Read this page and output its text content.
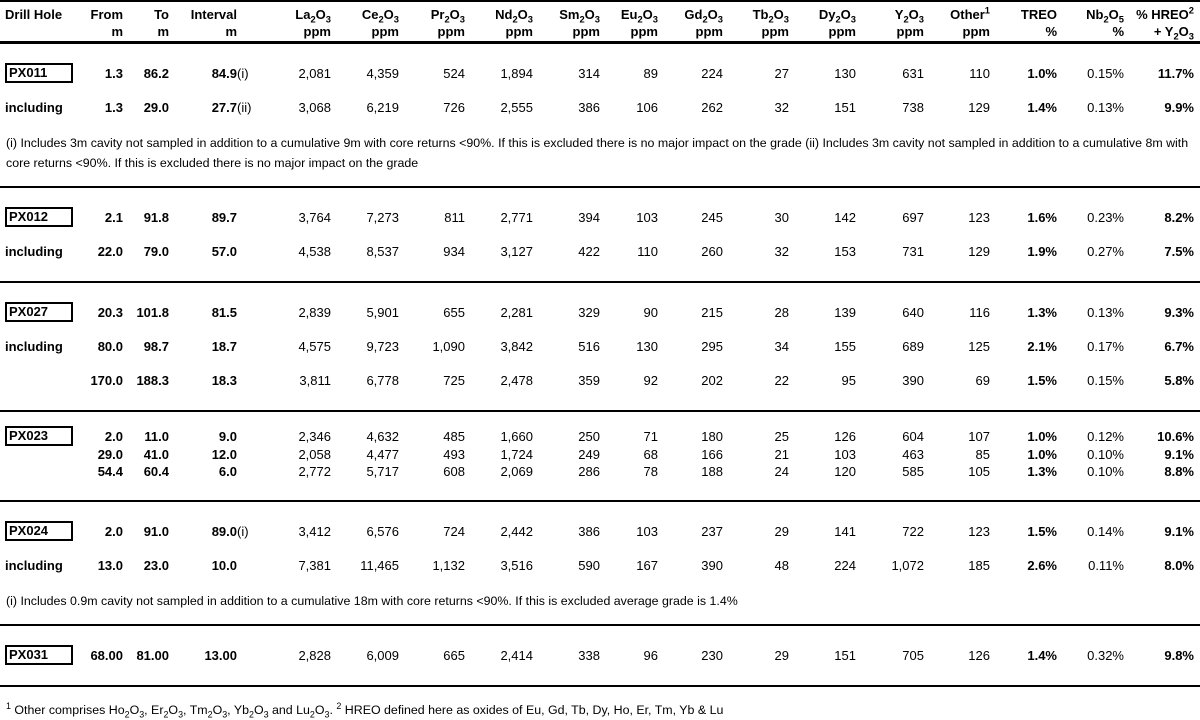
Drill Hole	From	To	Interval		$La_2O_3$	$Ce_2O_3$	$Pr_2O_3$	$Nd_2O_3$	$Sm_2O_3$	$Eu_2O_3$	$Gd_2O_3$	$Tb_2O_3$	$Dy_2O_3$	$Y_2O_3$	Other$^1$	TREO	$Nb_2O_5$	% HREO$^2$
	m	m	m		ppm	ppm	ppm	ppm	ppm	ppm	ppm	ppm	ppm	ppm	ppm	%	%	+ $Y_2O_3$
PX011	1.3	86.2	84.9	(i)	2,081	4,359	524	1,894	314	89	224	27	130	631	110	1.0%	0.15%	11.7%
including	1.3	29.0	27.7	(ii)	3,068	6,219	726	2,555	386	106	262	32	151	738	129	1.4%	0.13%	9.9%

(i) Includes 3m cavity not sampled in addition to a cumulative 9m with core returns <90%. If this is excluded there is no major impact on the grade (ii) Includes 3m cavity not sampled in addition to a cumulative 8m with core returns <90%. If this is excluded there is no major impact on the grade

PX012	2.1	91.8	89.7		3,764	7,273	811	2,771	394	103	245	30	142	697	123	1.6%	0.23%	8.2%
including	22.0	79.0	57.0		4,538	8,537	934	3,127	422	110	260	32	153	731	129	1.9%	0.27%	7.5%
PX027	20.3	101.8	81.5		2,839	5,901	655	2,281	329	90	215	28	139	640	116	1.3%	0.13%	9.3%
including	80.0	98.7	18.7		4,575	9,723	1,090	3,842	516	130	295	34	155	689	125	2.1%	0.17%	6.7%
	170.0	188.3	18.3		3,811	6,778	725	2,478	359	92	202	22	95	390	69	1.5%	0.15%	5.8%
PX023	2.0	11.0	9.0		2,346	4,632	485	1,660	250	71	180	25	126	604	107	1.0%	0.12%	10.6%
	29.0	41.0	12.0		2,058	4,477	493	1,724	249	68	166	21	103	463	85	1.0%	0.10%	9.1%
	54.4	60.4	6.0		2,772	5,717	608	2,069	286	78	188	24	120	585	105	1.3%	0.10%	8.8%
PX024	2.0	91.0	89.0	(i)	3,412	6,576	724	2,442	386	103	237	29	141	722	123	1.5%	0.14%	9.1%
including	13.0	23.0	10.0		7,381	11,465	1,132	3,516	590	167	390	48	224	1,072	185	2.6%	0.11%	8.0%

(i) Includes 0.9m cavity not sampled in addition to a cumulative 18m with core returns <90%. If this is excluded average grade is 1.4%

PX031	68.00	81.00	13.00		2,828	6,009	665	2,414	338	96	230	29	151	705	126	1.4%	0.32%	9.8%

$^1$ Other comprises $Ho_2O_3$, $Er_2O_3$, $Tm_2O_3$, $Yb_2O_3$ and $Lu_2O_3$. $^2$ HREO defined here as oxides of Eu, Gd, Tb, Dy, Ho, Er, Tm, Yb & Lu
